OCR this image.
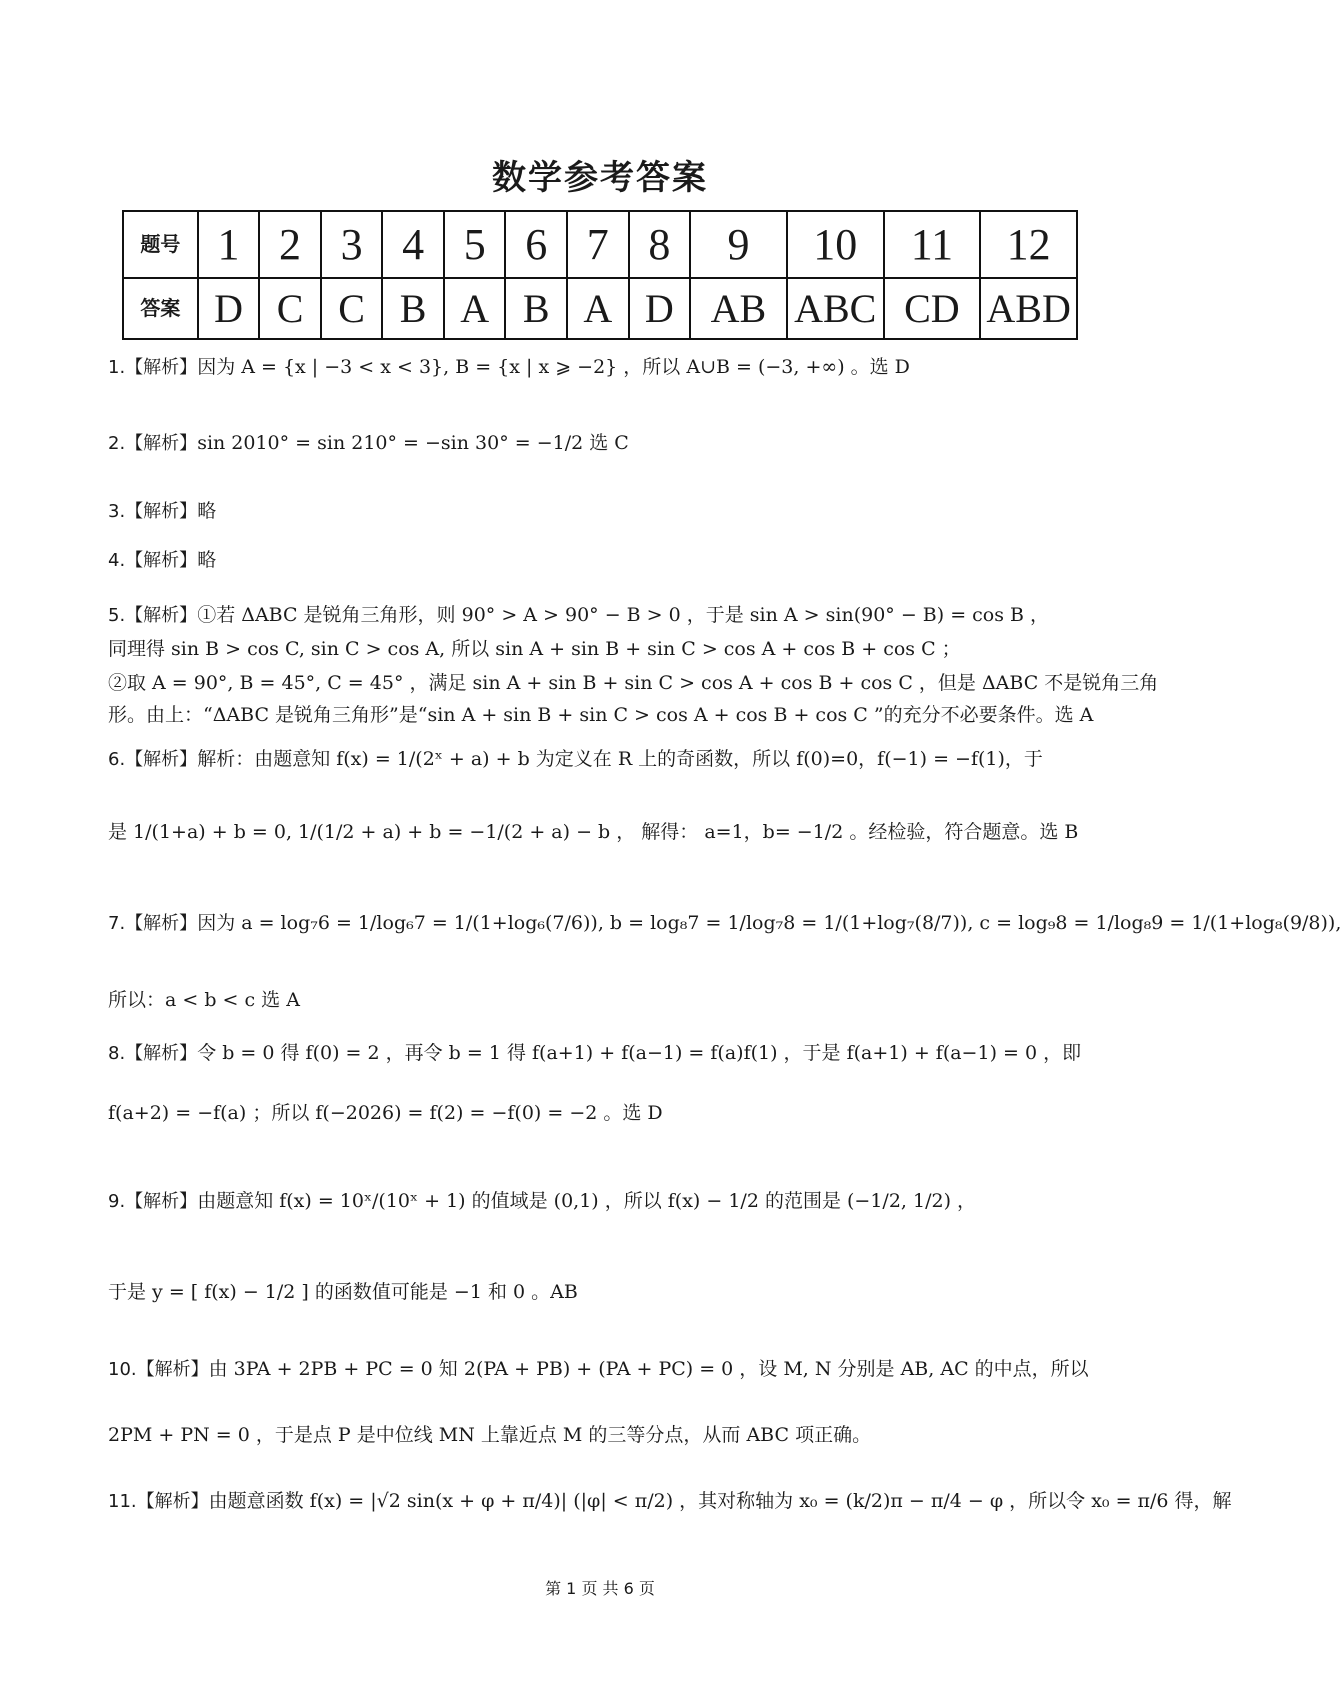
数学参考答案
题号	1	2	3	4	5	6	7	8	9	10	11	12
答案	D	C	C	B	A	B	A	D	AB	ABC	CD	ABD
1.【解析】因为 A = {x | −3 < x < 3}, B = {x | x ⩾ −2} ，所以 A∪B = (−3, +∞) 。选 D
2.【解析】sin 2010° = sin 210° = −sin 30° = −1/2 选 C
3.【解析】略
4.【解析】略
5.【解析】①若 ΔABC 是锐角三角形，则 90° > A > 90° − B > 0 ，于是 sin A > sin(90° − B) = cos B ，
同理得 sin B > cos C, sin C > cos A, 所以 sin A + sin B + sin C > cos A + cos B + cos C ；
②取 A = 90°, B = 45°, C = 45° ，满足 sin A + sin B + sin C > cos A + cos B + cos C ，但是 ΔABC 不是锐角三角
形。由上：“ΔABC 是锐角三角形”是“sin A + sin B + sin C > cos A + cos B + cos C ”的充分不必要条件。选 A
6.【解析】解析：由题意知 f(x) = 1/(2ˣ + a) + b 为定义在 R 上的奇函数，所以 f(0)=0，f(−1) = −f(1)，于
是 1/(1+a) + b = 0, 1/(1/2 + a) + b = −1/(2 + a) − b ， 解得： a=1，b= −1/2 。经检验，符合题意。选 B
7.【解析】因为 a = log₇6 = 1/log₆7 = 1/(1+log₆(7/6)), b = log₈7 = 1/log₇8 = 1/(1+log₇(8/7)), c = log₉8 = 1/log₈9 = 1/(1+log₈(9/8)),
所以：a < b < c 选 A
8.【解析】令 b = 0 得 f(0) = 2 ，再令 b = 1 得 f(a+1) + f(a−1) = f(a)f(1) ，于是 f(a+1) + f(a−1) = 0 ，即
f(a+2) = −f(a) ；所以 f(−2026) = f(2) = −f(0) = −2 。选 D
9.【解析】由题意知 f(x) = 10ˣ/(10ˣ + 1) 的值域是 (0,1) ，所以 f(x) − 1/2 的范围是 (−1/2, 1/2) ，
于是 y = [ f(x) − 1/2 ] 的函数值可能是 −1 和 0 。AB
10.【解析】由 3PA + 2PB + PC = 0 知 2(PA + PB) + (PA + PC) = 0 ，设 M, N 分别是 AB, AC 的中点，所以
2PM + PN = 0 ，于是点 P 是中位线 MN 上靠近点 M 的三等分点，从而 ABC 项正确。
11.【解析】由题意函数 f(x) = |√2 sin(x + φ + π/4)| (|φ| < π/2) ，其对称轴为 x₀ = (k/2)π − π/4 − φ ，所以令 x₀ = π/6 得，解
第 1 页 共 6 页
